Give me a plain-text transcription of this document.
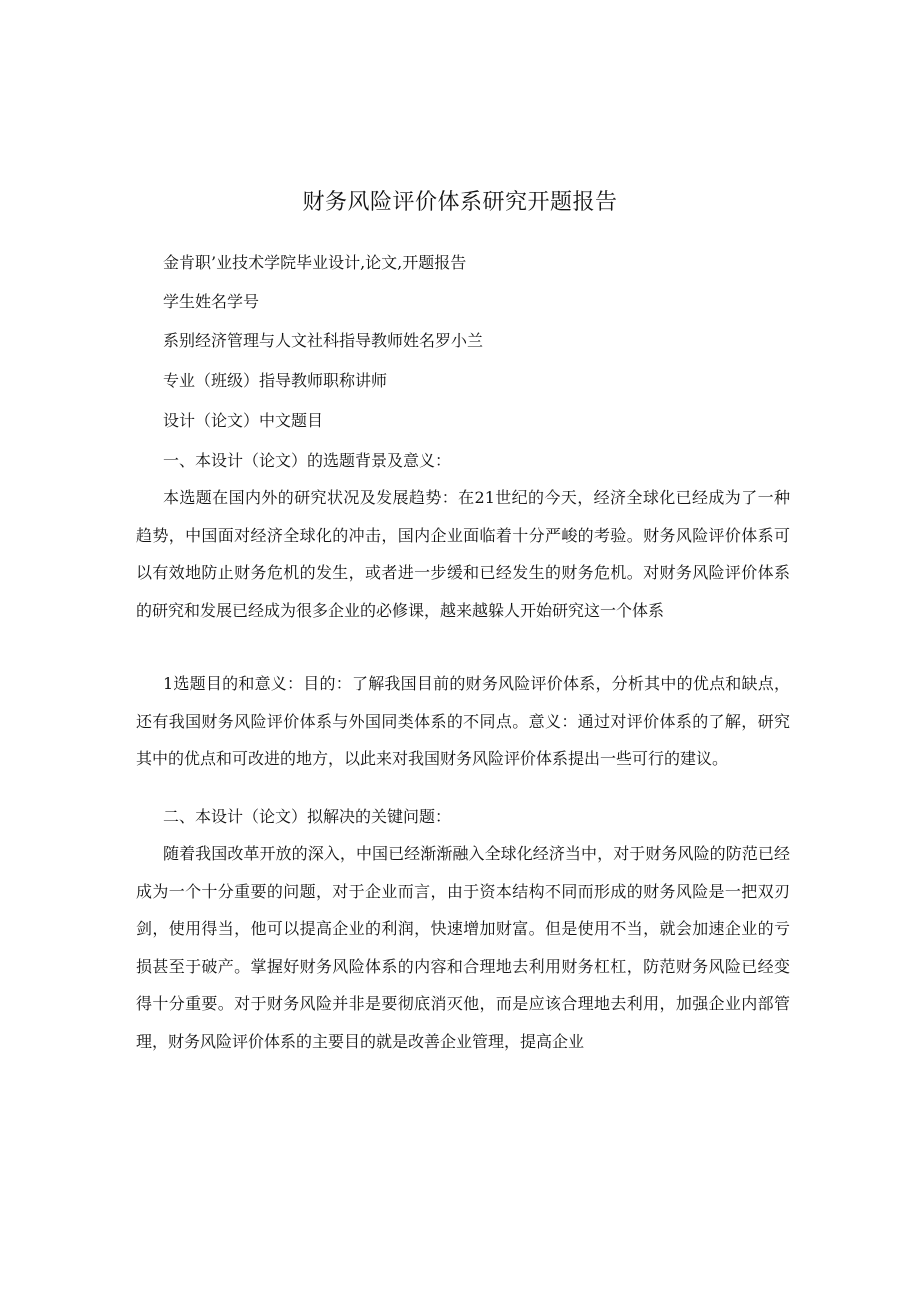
财务风险评价体系研究开题报告

金肯职’业技术学院毕业设计,论文,开题报告

学生姓名学号

系别经济管理与人文社科指导教师姓名罗小兰

专业（班级）指导教师职称讲师

设计（论文）中文题目

一、本设计（论文）的选题背景及意义：

本选题在国内外的研究状况及发展趋势：在21世纪的今天，经济全球化已经成为了一种趋势，中国面对经济全球化的冲击，国内企业面临着十分严峻的考验。财务风险评价体系可以有效地防止财务危机的发生，或者进一步缓和已经发生的财务危机。对财务风险评价体系的研究和发展已经成为很多企业的必修课，越来越躲人开始研究这一个体系

1选题目的和意义：目的：了解我国目前的财务风险评价体系，分析其中的优点和缺点，还有我国财务风险评价体系与外国同类体系的不同点。意义：通过对评价体系的了解，研究其中的优点和可改进的地方，以此来对我国财务风险评价体系提出一些可行的建议。

二、本设计（论文）拟解决的关键问题：

随着我国改革开放的深入，中国已经渐渐融入全球化经济当中，对于财务风险的防范已经成为一个十分重要的问题，对于企业而言，由于资本结构不同而形成的财务风险是一把双刃剑，使用得当，他可以提高企业的利润，快速增加财富。但是使用不当，就会加速企业的亏损甚至于破产。掌握好财务风险体系的内容和合理地去利用财务杠杠，防范财务风险已经变得十分重要。对于财务风险并非是要彻底消灭他，而是应该合理地去利用，加强企业内部管理，财务风险评价体系的主要目的就是改善企业管理，提高企业
